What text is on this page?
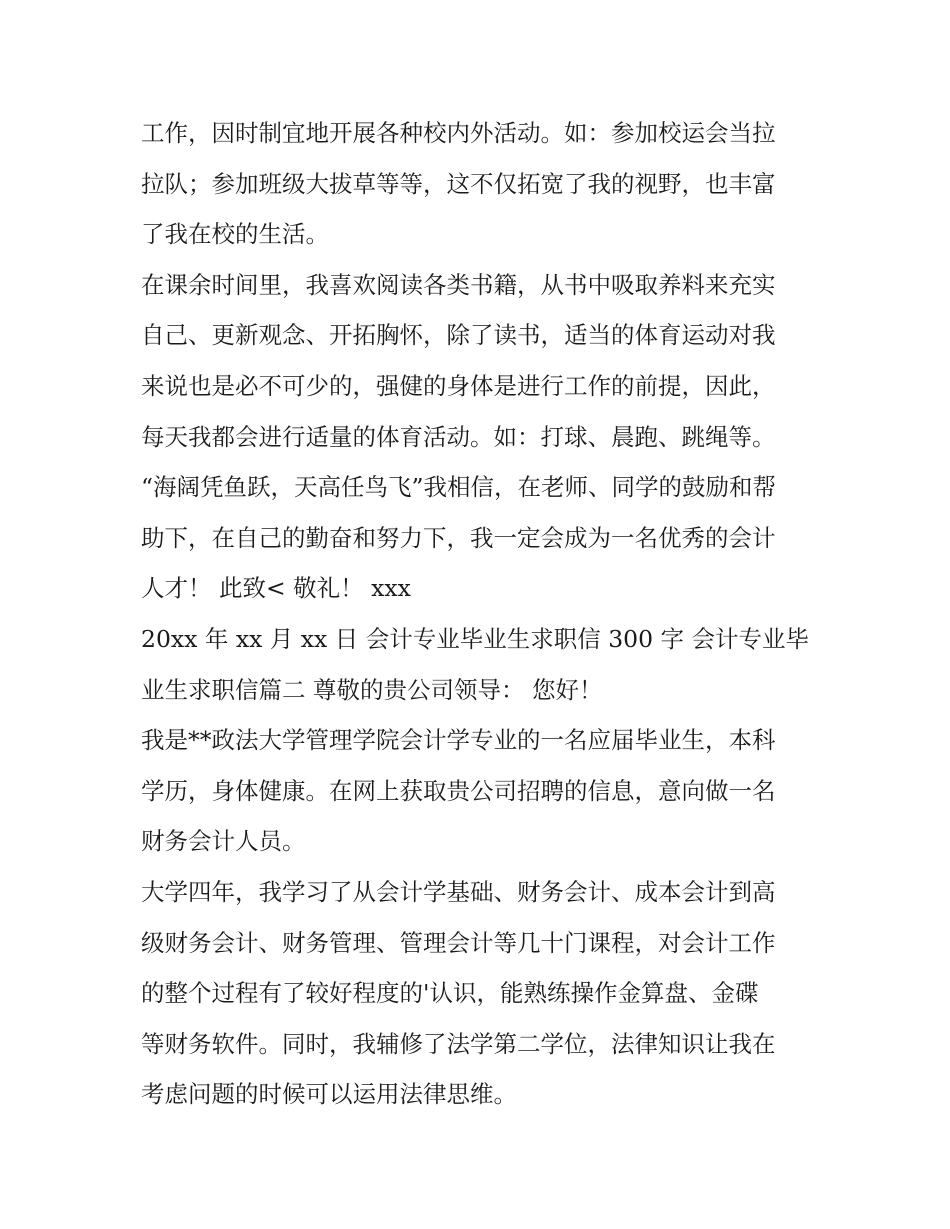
工作，因时制宜地开展各种校内外活动。如：参加校运会当拉
拉队；参加班级大拔草等等，这不仅拓宽了我的视野，也丰富
了我在校的生活。
在课余时间里，我喜欢阅读各类书籍，从书中吸取养料来充实
自己、更新观念、开拓胸怀，除了读书，适当的体育运动对我
来说也是必不可少的，强健的身体是进行工作的前提，因此，
每天我都会进行适量的体育活动。如：打球、晨跑、跳绳等。
“海阔凭鱼跃，天高任鸟飞”我相信，在老师、同学的鼓励和帮
助下，在自己的勤奋和努力下，我一定会成为一名优秀的会计
人才！ 此致< 敬礼！ xxx
20xx 年 xx 月 xx 日 会计专业毕业生求职信 300 字 会计专业毕
业生求职信篇二 尊敬的贵公司领导： 您好！
我是**政法大学管理学院会计学专业的一名应届毕业生，本科
学历，身体健康。在网上获取贵公司招聘的信息，意向做一名
财务会计人员。
大学四年，我学习了从会计学基础、财务会计、成本会计到高
级财务会计、财务管理、管理会计等几十门课程，对会计工作
的整个过程有了较好程度的'认识，能熟练操作金算盘、金碟
等财务软件。同时，我辅修了法学第二学位，法律知识让我在
考虑问题的时候可以运用法律思维。
